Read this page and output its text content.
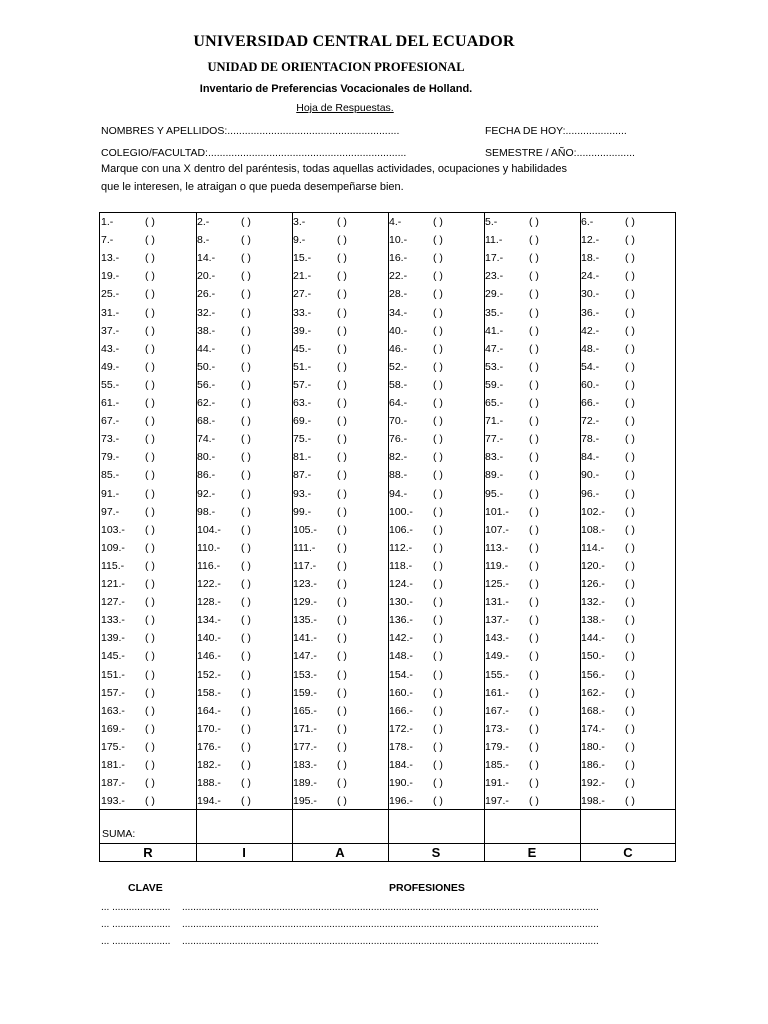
UNIVERSIDAD CENTRAL DEL ECUADOR
UNIDAD DE ORIENTACION PROFESIONAL
Inventario de Preferencias Vocacionales de Holland.
Hoja de Respuestas.
NOMBRES Y APELLIDOS:...........................................................	FECHA DE HOY:.....................
COLEGIO/FACULTAD:....................................................................	SEMESTRE / AÑO:....................
Marque con una X dentro del paréntesis, todas aquellas actividades, ocupaciones y habilidades
que le interesen, le atraigan o que pueda desempeñarse bien.
SUMA:
1.-	( )	2.-	( )	3.-	( )	4.-	( )	5.-	( )	6.-	( )
7.-	( )	8.-	( )	9.-	( )	10.- ( )	11.-	( )	12.- ( )
13.- ( )	14.- ( )	15.- ( )	16.- ( )	17.- ( )	18.- ( )
19.- ( )	20.- ( )	21.- ( )	22.- ( )	23.- ( )	24.- ( )
25.- ( )	26.- ( )	27.- ( )	28.- ( )	29.- ( )	30.- ( )
31.- ( )	32.- ( )	33.- ( )	34.- ( )	35.- ( )	36.- ( )
37.- ( )	38.- ( )	39.- ( )	40.- ( )	41.- ( )	42.- ( )
43.- ( )	44.- ( )	45.- ( )	46.- ( )	47.- ( )	48.- ( )
49.- ( )	50.- ( )	51.- ( )	52.- ( )	53.- ( )	54.- ( )
55.- ( )	56.- ( )	57.- ( )	58.- ( )	59.- ( )	60.- ( )
61.- ( )	62.- ( )	63.- ( )	64.- ( )	65.- ( )	66.- ( )
67.- ( )	68.- ( )	69.- ( )	70.- ( )	71.- ( )	72.- ( )
73.- ( )	74.- ( )	75.- ( )	76.- ( )	77.- ( )	78.- ( )
79.- ( )	80.- ( )	81.- ( )	82.- ( )	83.- ( )	84.- ( )
85.- ( )	86.- ( )	87.- ( )	88.- ( )	89.- ( )	90.- ( )
91.- ( )	92.- ( )	93.- ( )	94.- ( )	95.- ( )	96.- ( )
97.- ( )	98.- ( )	99.- ( )	100.- ( )	101.- ( )	102.- ( )
103.- ( )	104.- ( )	105.- ( )	106.- ( )	107.- ( )	108.- ( )
109.- ( )	110.- ( )	111.- ( )	112.- ( )	113.- ( )	114.- ( )
115.- ( )	116.- ( )	117.- ( )	118.- ( )	119.- ( )	120.- ( )
121.- ( )	122.- ( )	123.- ( )	124.- ( )	125.- ( )	126.- ( )
127.- ( )	128.- ( )	129.- ( )	130.- ( )	131.- ( )	132.- ( )
133.- ( )	134.- ( )	135.- ( )	136.- ( )	137.- ( )	138.- ( )
139.- ( )	140.- ( )	141.- ( )	142.- ( )	143.- ( )	144.- ( )
145.- ( )	146.- ( )	147.- ( )	148.- ( )	149.- ( )	150.- ( )
151.- ( )	152.- ( )	153.- ( )	154.- ( )	155.- ( )	156.- ( )
157.- ( )	158.- ( )	159.- ( )	160.- ( )	161.- ( )	162.- ( )
163.- ( )	164.- ( )	165.- ( )	166.- ( )	167.- ( )	168.- ( )
169.- ( )	170.- ( )	171.- ( )	172.- ( )	173.- ( )	174.- ( )
175.- ( )	176.- ( )	177.- ( )	178.- ( )	179.- ( )	180.- ( )
181.- ( )	182.- ( )	183.- ( )	184.- ( )	185.- ( )	186.- ( )
187.- ( )	188.- ( )	189.- ( )	190.- ( )	191.- ( )	192.- ( )
193.- ( )	194.- ( )	195.- ( )	196.- ( )	197.- ( )	198.- ( )
R	I	A	S	E	C
CLAVE	PROFESIONES
... ..................... ......................................................................................................................................................
... ..................... ......................................................................................................................................................
... ..................... ......................................................................................................................................................
